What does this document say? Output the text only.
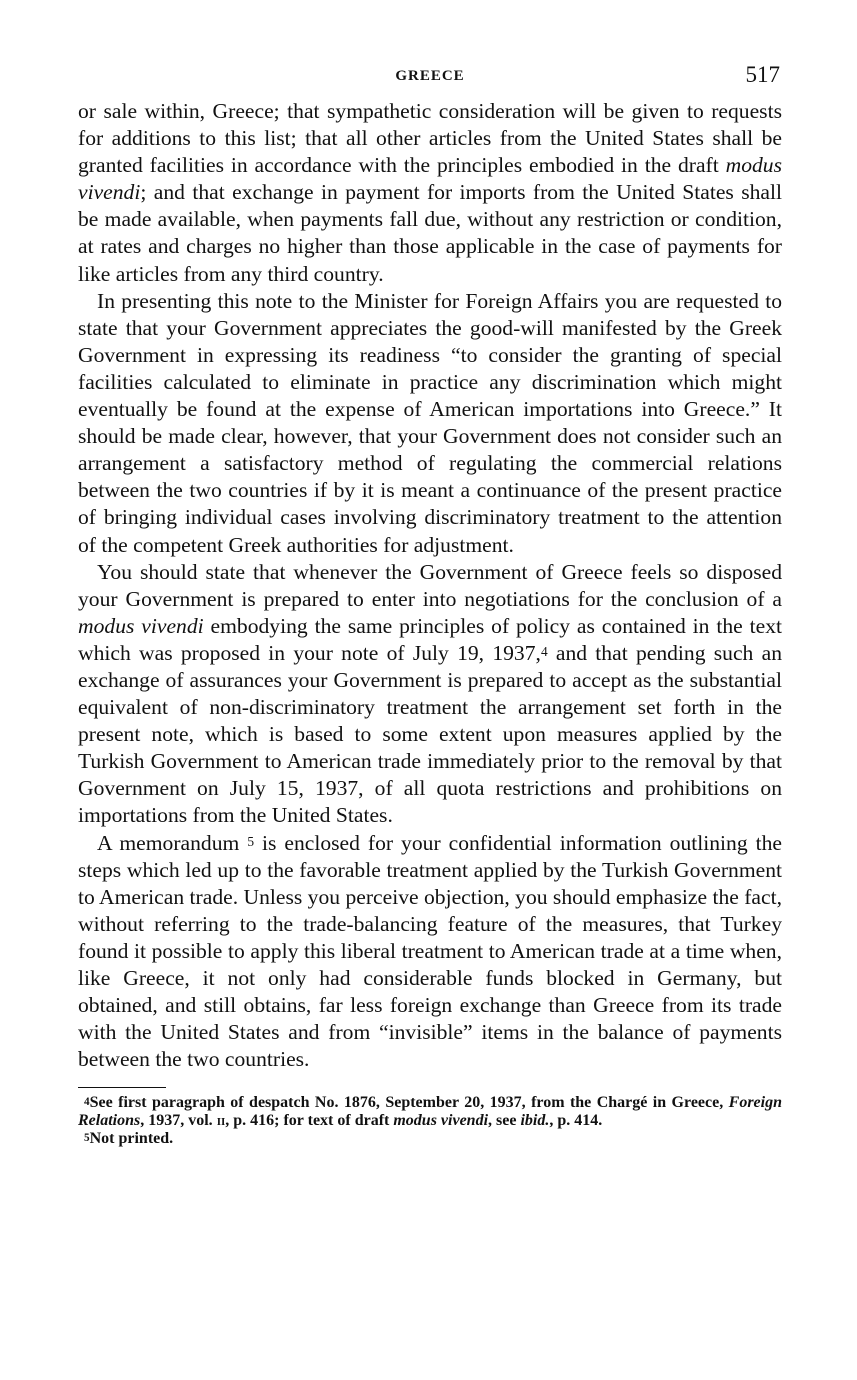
GREECE	517

or sale within, Greece; that sympathetic consideration will be given to requests for additions to this list; that all other articles from the United States shall be granted facilities in accordance with the principles embodied in the draft modus vivendi; and that exchange in payment for imports from the United States shall be made available, when payments fall due, without any restriction or condition, at rates and charges no higher than those applicable in the case of payments for like articles from any third country.

In presenting this note to the Minister for Foreign Affairs you are requested to state that your Government appreciates the good-will manifested by the Greek Government in expressing its readiness “to consider the granting of special facilities calculated to eliminate in practice any discrimination which might eventually be found at the expense of American importations into Greece.” It should be made clear, however, that your Government does not consider such an arrangement a satisfactory method of regulating the commercial relations between the two countries if by it is meant a continuance of the present practice of bringing individual cases involving discriminatory treatment to the attention of the competent Greek authorities for adjustment.

You should state that whenever the Government of Greece feels so disposed your Government is prepared to enter into negotiations for the conclusion of a modus vivendi embodying the same principles of policy as contained in the text which was proposed in your note of July 19, 1937,$^4$ and that pending such an exchange of assurances your Government is prepared to accept as the substantial equivalent of non-discriminatory treatment the arrangement set forth in the present note, which is based to some extent upon measures applied by the Turkish Government to American trade immediately prior to the removal by that Government on July 15, 1937, of all quota restrictions and prohibitions on importations from the United States.

A memorandum $^5$ is enclosed for your confidential information outlining the steps which led up to the favorable treatment applied by the Turkish Government to American trade. Unless you perceive objection, you should emphasize the fact, without referring to the trade-balancing feature of the measures, that Turkey found it possible to apply this liberal treatment to American trade at a time when, like Greece, it not only had considerable funds blocked in Germany, but obtained, and still obtains, far less foreign exchange than Greece from its trade with the United States and from “invisible” items in the balance of payments between the two countries.

$^4$See first paragraph of despatch No. 1876, September 20, 1937, from the Chargé in Greece, Foreign Relations, 1937, vol. ii, p. 416; for text of draft modus vivendi, see ibid., p. 414.

$^5$Not printed.
